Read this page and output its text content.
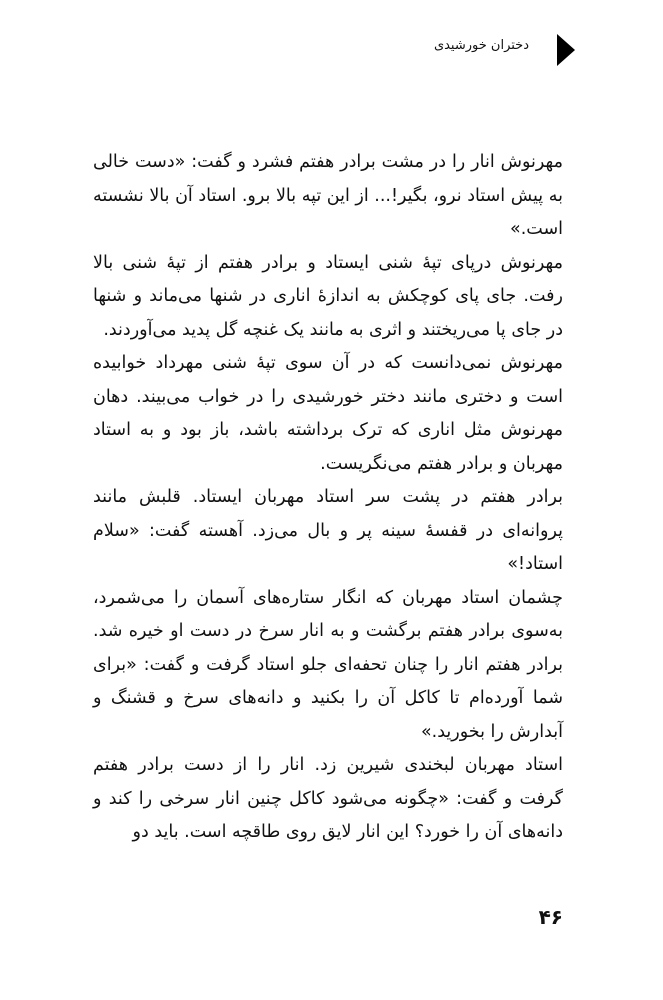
دختران خورشیدی

مهرنوش انار را در مشت برادر هفتم فشرد و گفت: «دست خالی به پیش استاد نرو، بگیر!... از این تپه بالا برو. استاد آن بالا نشسته است.»

مهرنوش درپای تپهٔ شنی ایستاد و برادر هفتم از تپهٔ شنی بالا رفت. جای پای کوچکش به اندازهٔ اناری در شنها می‌ماند و شنها در جای پا می‌ریختند و اثری به مانند یک غنچه گل پدید می‌آوردند.

مهرنوش نمی‌دانست که در آن سوی تپهٔ شنی مهرداد خوابیده است و دختری مانند دختر خورشیدی را در خواب می‌بیند. دهان مهرنوش مثل اناری که ترک برداشته باشد، باز بود و به استاد مهربان و برادر هفتم می‌نگریست.

برادر هفتم در پشت سر استاد مهربان ایستاد. قلبش مانند پروانه‌ای در قفسهٔ سینه پر و بال می‌زد. آهسته گفت: «سلام استاد!»

چشمان استاد مهربان که انگار ستاره‌های آسمان را می‌شمرد، به‌سوی برادر هفتم برگشت و به انار سرخ در دست او خیره شد. برادر هفتم انار را چنان تحفه‌ای جلو استاد گرفت و گفت: «برای شما آورده‌ام تا کاکل آن را بکنید و دانه‌های سرخ و قشنگ و آبدارش را بخورید.»

استاد مهربان لبخندی شیرین زد. انار را از دست برادر هفتم گرفت و گفت: «چگونه می‌شود کاکل چنین انار سرخی را کند و دانه‌های آن را خورد؟ این انار لایق روی طاقچه است. باید دو

۴۶
